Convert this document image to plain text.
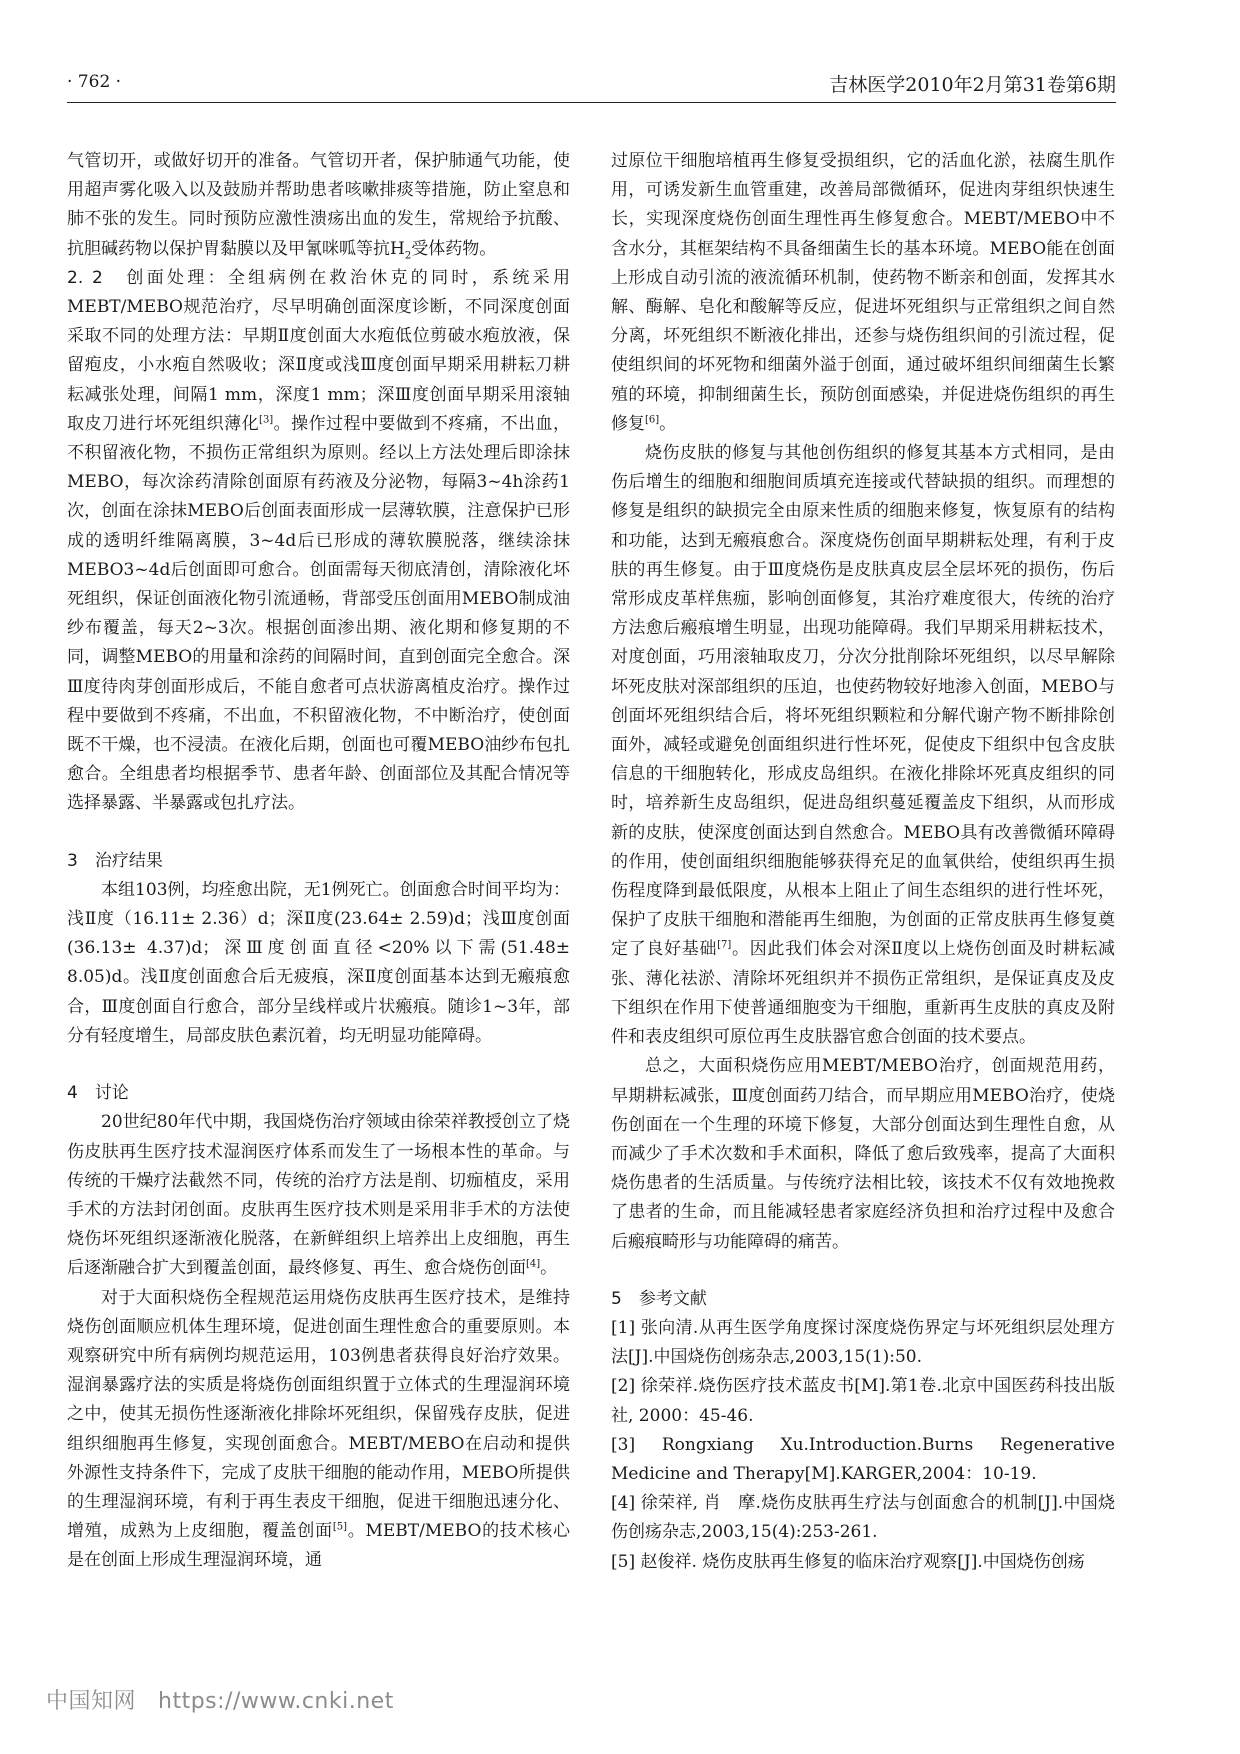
· 762 ·	吉林医学2010年2月第31卷第6期

气管切开，或做好切开的准备。气管切开者，保护肺通气功能，使用超声雾化吸入以及鼓励并帮助患者咳嗽排痰等措施，防止窒息和肺不张的发生。同时预防应激性溃疡出血的发生，常规给予抗酸、抗胆碱药物以保护胃黏膜以及甲氰咪呱等抗$H_2$受体药物。

2. 2　创面处理：全组病例在救治休克的同时，系统采用MEBT/MEBO规范治疗，尽早明确创面深度诊断，不同深度创面采取不同的处理方法：早期Ⅱ度创面大水疱低位剪破水疱放液，保留疱皮，小水疱自然吸收；深Ⅱ度或浅Ⅲ度创面早期采用耕耘刀耕耘减张处理，间隔1 mm，深度1 mm；深Ⅲ度创面早期采用滚轴取皮刀进行坏死组织薄化[3]。操作过程中要做到不疼痛，不出血，不积留液化物，不损伤正常组织为原则。经以上方法处理后即涂抹MEBO，每次涂药清除创面原有药液及分泌物，每隔3~4h涂药1次，创面在涂抹MEBO后创面表面形成一层薄软膜，注意保护已形成的透明纤维隔离膜，3~4d后已形成的薄软膜脱落，继续涂抹MEBO3~4d后创面即可愈合。创面需每天彻底清创，清除液化坏死组织，保证创面液化物引流通畅，背部受压创面用MEBO制成油纱布覆盖，每天2~3次。根据创面渗出期、液化期和修复期的不同，调整MEBO的用量和涂药的间隔时间，直到创面完全愈合。深Ⅲ度待肉芽创面形成后，不能自愈者可点状游离植皮治疗。操作过程中要做到不疼痛，不出血，不积留液化物，不中断治疗，使创面既不干燥，也不浸渍。在液化后期，创面也可覆MEBO油纱布包扎愈合。全组患者均根据季节、患者年龄、创面部位及其配合情况等选择暴露、半暴露或包扎疗法。

3　治疗结果

本组103例，均痊愈出院，无1例死亡。创面愈合时间平均为：浅Ⅱ度（16.11± 2.36）d；深Ⅱ度(23.64± 2.59)d；浅Ⅲ度创面(36.13± 4.37)d；深Ⅲ度创面直径<20%以下需(51.48± 8.05)d。浅Ⅱ度创面愈合后无疲痕，深Ⅱ度创面基本达到无瘢痕愈合，Ⅲ度创面自行愈合，部分呈线样或片状瘢痕。随诊1~3年，部分有轻度增生，局部皮肤色素沉着，均无明显功能障碍。

4　讨论

20世纪80年代中期，我国烧伤治疗领域由徐荣祥教授创立了烧伤皮肤再生医疗技术湿润医疗体系而发生了一场根本性的革命。与传统的干燥疗法截然不同，传统的治疗方法是削、切痂植皮，采用手术的方法封闭创面。皮肤再生医疗技术则是采用非手术的方法使烧伤坏死组织逐渐液化脱落，在新鲜组织上培养出上皮细胞，再生后逐渐融合扩大到覆盖创面，最终修复、再生、愈合烧伤创面[4]。

对于大面积烧伤全程规范运用烧伤皮肤再生医疗技术，是维持烧伤创面顺应机体生理环境，促进创面生理性愈合的重要原则。本观察研究中所有病例均规范运用，103例患者获得良好治疗效果。湿润暴露疗法的实质是将烧伤创面组织置于立体式的生理湿润环境之中，使其无损伤性逐渐液化排除坏死组织，保留残存皮肤，促进组织细胞再生修复，实现创面愈合。MEBT/MEBO在启动和提供外源性支持条件下，完成了皮肤干细胞的能动作用，MEBO所提供的生理湿润环境，有利于再生表皮干细胞，促进干细胞迅速分化、增殖，成熟为上皮细胞，覆盖创面[5]。MEBT/MEBO的技术核心是在创面上形成生理湿润环境，通

过原位干细胞培植再生修复受损组织，它的活血化淤，祛腐生肌作用，可诱发新生血管重建，改善局部微循环，促进肉芽组织快速生长，实现深度烧伤创面生理性再生修复愈合。MEBT/MEBO中不含水分，其框架结构不具备细菌生长的基本环境。MEBO能在创面上形成自动引流的液流循环机制，使药物不断亲和创面，发挥其水解、酶解、皂化和酸解等反应，促进坏死组织与正常组织之间自然分离，坏死组织不断液化排出，还参与烧伤组织间的引流过程，促使组织间的坏死物和细菌外溢于创面，通过破坏组织间细菌生长繁殖的环境，抑制细菌生长，预防创面感染，并促进烧伤组织的再生修复[6]。

烧伤皮肤的修复与其他创伤组织的修复其基本方式相同，是由伤后增生的细胞和细胞间质填充连接或代替缺损的组织。而理想的修复是组织的缺损完全由原来性质的细胞来修复，恢复原有的结构和功能，达到无瘢痕愈合。深度烧伤创面早期耕耘处理，有利于皮肤的再生修复。由于Ⅲ度烧伤是皮肤真皮层全层坏死的损伤，伤后常形成皮革样焦痂，影响创面修复，其治疗难度很大，传统的治疗方法愈后瘢痕增生明显，出现功能障碍。我们早期采用耕耘技术，对度创面，巧用滚轴取皮刀，分次分批削除坏死组织，以尽早解除坏死皮肤对深部组织的压迫，也使药物较好地渗入创面，MEBO与创面坏死组织结合后，将坏死组织颗粒和分解代谢产物不断排除创面外，减轻或避免创面组织进行性坏死，促使皮下组织中包含皮肤信息的干细胞转化，形成皮岛组织。在液化排除坏死真皮组织的同时，培养新生皮岛组织，促进岛组织蔓延覆盖皮下组织，从而形成新的皮肤，使深度创面达到自然愈合。MEBO具有改善微循环障碍的作用，使创面组织细胞能够获得充足的血氧供给，使组织再生损伤程度降到最低限度，从根本上阻止了间生态组织的进行性坏死，保护了皮肤干细胞和潜能再生细胞，为创面的正常皮肤再生修复奠定了良好基础[7]。因此我们体会对深Ⅱ度以上烧伤创面及时耕耘减张、薄化祛淤、清除坏死组织并不损伤正常组织，是保证真皮及皮下组织在作用下使普通细胞变为干细胞，重新再生皮肤的真皮及附件和表皮组织可原位再生皮肤器官愈合创面的技术要点。

总之，大面积烧伤应用MEBT/MEBO治疗，创面规范用药，早期耕耘减张，Ⅲ度创面药刀结合，而早期应用MEBO治疗，使烧伤创面在一个生理的环境下修复，大部分创面达到生理性自愈，从而减少了手术次数和手术面积，降低了愈后致残率，提高了大面积烧伤患者的生活质量。与传统疗法相比较，该技术不仅有效地挽救了患者的生命，而且能减轻患者家庭经济负担和治疗过程中及愈合后瘢痕畸形与功能障碍的痛苦。

5　参考文献

[1] 张向清.从再生医学角度探讨深度烧伤界定与坏死组织层处理方法[J].中国烧伤创疡杂志,2003,15(1):50.

[2] 徐荣祥.烧伤医疗技术蓝皮书[M].第1卷.北京中国医药科技出版社, 2000：45-46.

[3] Rongxiang Xu.Introduction.Burns Regenerative Medicine and Therapy[M].KARGER,2004：10-19.

[4] 徐荣祥, 肖　摩.烧伤皮肤再生疗法与创面愈合的机制[J].中国烧伤创疡杂志,2003,15(4):253-261.

[5] 赵俊祥. 烧伤皮肤再生修复的临床治疗观察[J].中国烧伤创疡

中国知网 https://www.cnki.net
